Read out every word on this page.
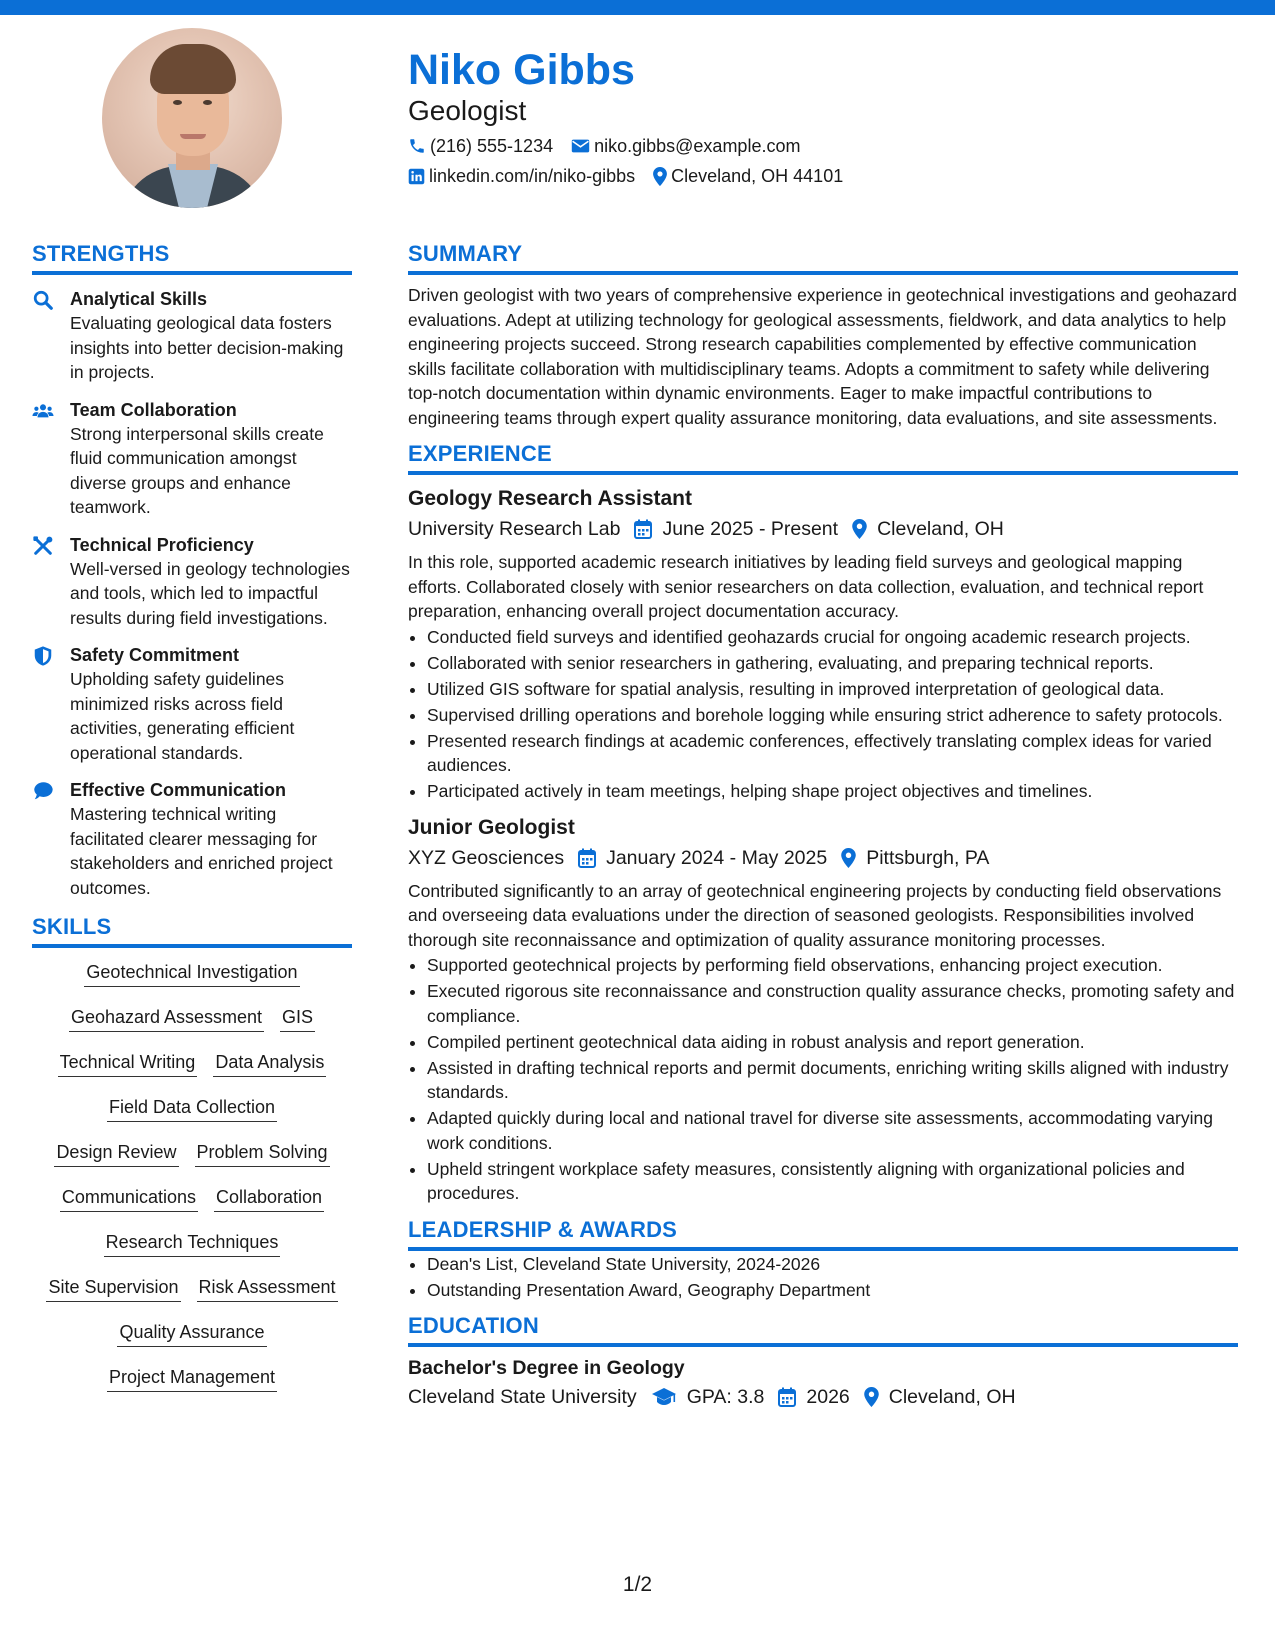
Niko Gibbs
Geologist
(216) 555-1234 niko.gibbs@example.com
linkedin.com/in/niko-gibbs Cleveland, OH 44101
STRENGTHS
Analytical Skills
Evaluating geological data fosters insights into better decision-making in projects.
Team Collaboration
Strong interpersonal skills create fluid communication amongst diverse groups and enhance teamwork.
Technical Proficiency
Well-versed in geology technologies and tools, which led to impactful results during field investigations.
Safety Commitment
Upholding safety guidelines minimized risks across field activities, generating efficient operational standards.
Effective Communication
Mastering technical writing facilitated clearer messaging for stakeholders and enriched project outcomes.
SKILLS
Geotechnical Investigation
Geohazard Assessment GIS
Technical Writing Data Analysis
Field Data Collection
Design Review Problem Solving
Communications Collaboration
Research Techniques
Site Supervision Risk Assessment
Quality Assurance
Project Management
SUMMARY
Driven geologist with two years of comprehensive experience in geotechnical investigations and geohazard evaluations. Adept at utilizing technology for geological assessments, fieldwork, and data analytics to help engineering projects succeed. Strong research capabilities complemented by effective communication skills facilitate collaboration with multidisciplinary teams. Adopts a commitment to safety while delivering top-notch documentation within dynamic environments. Eager to make impactful contributions to engineering teams through expert quality assurance monitoring, data evaluations, and site assessments.
EXPERIENCE
Geology Research Assistant
University Research Lab June 2025 - Present Cleveland, OH
In this role, supported academic research initiatives by leading field surveys and geological mapping efforts. Collaborated closely with senior researchers on data collection, evaluation, and technical report preparation, enhancing overall project documentation accuracy.
• Conducted field surveys and identified geohazards crucial for ongoing academic research projects.
• Collaborated with senior researchers in gathering, evaluating, and preparing technical reports.
• Utilized GIS software for spatial analysis, resulting in improved interpretation of geological data.
• Supervised drilling operations and borehole logging while ensuring strict adherence to safety protocols.
• Presented research findings at academic conferences, effectively translating complex ideas for varied audiences.
• Participated actively in team meetings, helping shape project objectives and timelines.
Junior Geologist
XYZ Geosciences January 2024 - May 2025 Pittsburgh, PA
Contributed significantly to an array of geotechnical engineering projects by conducting field observations and overseeing data evaluations under the direction of seasoned geologists. Responsibilities involved thorough site reconnaissance and optimization of quality assurance monitoring processes.
• Supported geotechnical projects by performing field observations, enhancing project execution.
• Executed rigorous site reconnaissance and construction quality assurance checks, promoting safety and compliance.
• Compiled pertinent geotechnical data aiding in robust analysis and report generation.
• Assisted in drafting technical reports and permit documents, enriching writing skills aligned with industry standards.
• Adapted quickly during local and national travel for diverse site assessments, accommodating varying work conditions.
• Upheld stringent workplace safety measures, consistently aligning with organizational policies and procedures.
LEADERSHIP & AWARDS
• Dean's List, Cleveland State University, 2024-2026
• Outstanding Presentation Award, Geography Department
EDUCATION
Bachelor's Degree in Geology
Cleveland State University	GPA: 3.8 2026 Cleveland, OH
1/2
